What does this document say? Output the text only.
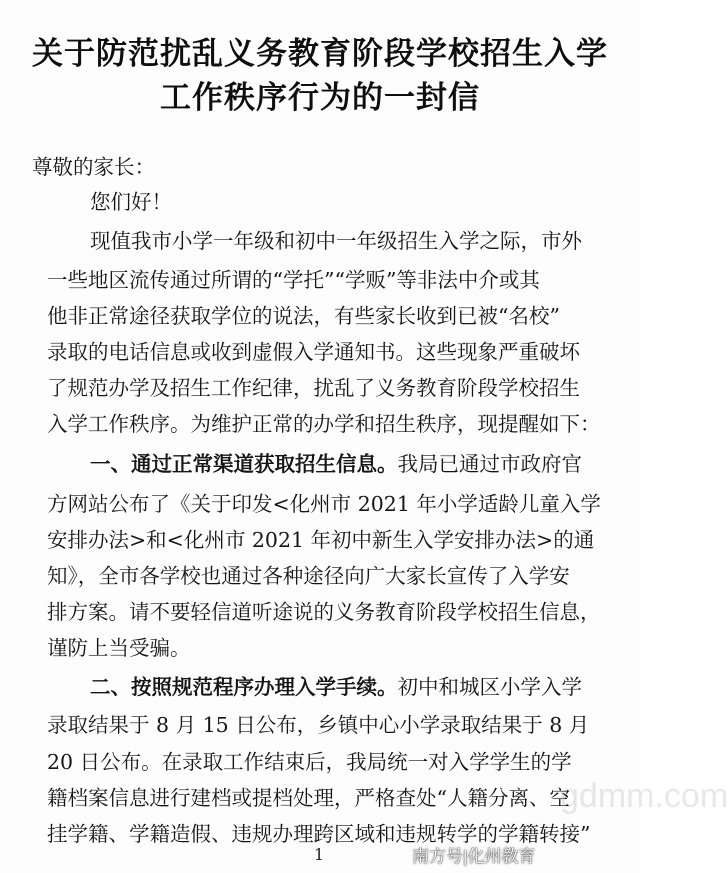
关于防范扰乱义务教育阶段学校招生入学
工作秩序行为的一封信
尊敬的家长：
您们好！
现值我市小学一年级和初中一年级招生入学之际，市外
一些地区流传通过所谓的“学托”“学贩”等非法中介或其
他非正常途径获取学位的说法，有些家长收到已被“名校”
录取的电话信息或收到虚假入学通知书。这些现象严重破坏
了规范办学及招生工作纪律，扰乱了义务教育阶段学校招生
入学工作秩序。为维护正常的办学和招生秩序，现提醒如下：
一、通过正常渠道获取招生信息。我局已通过市政府官
方网站公布了《关于印发<化州市 2021 年小学适龄儿童入学
安排办法>和<化州市 2021 年初中新生入学安排办法>的通
知》，全市各学校也通过各种途径向广大家长宣传了入学安
排方案。请不要轻信道听途说的义务教育阶段学校招生信息，
谨防上当受骗。
二、按照规范程序办理入学手续。初中和城区小学入学
录取结果于 8 月 15 日公布，乡镇中心小学录取结果于 8 月
20 日公布。在录取工作结束后，我局统一对入学学生的学
籍档案信息进行建档或提档处理，严格查处“人籍分离、空
挂学籍、学籍造假、违规办理跨区域和违规转学的学籍转接”
gdmm.com
1	南方号|化州教育
